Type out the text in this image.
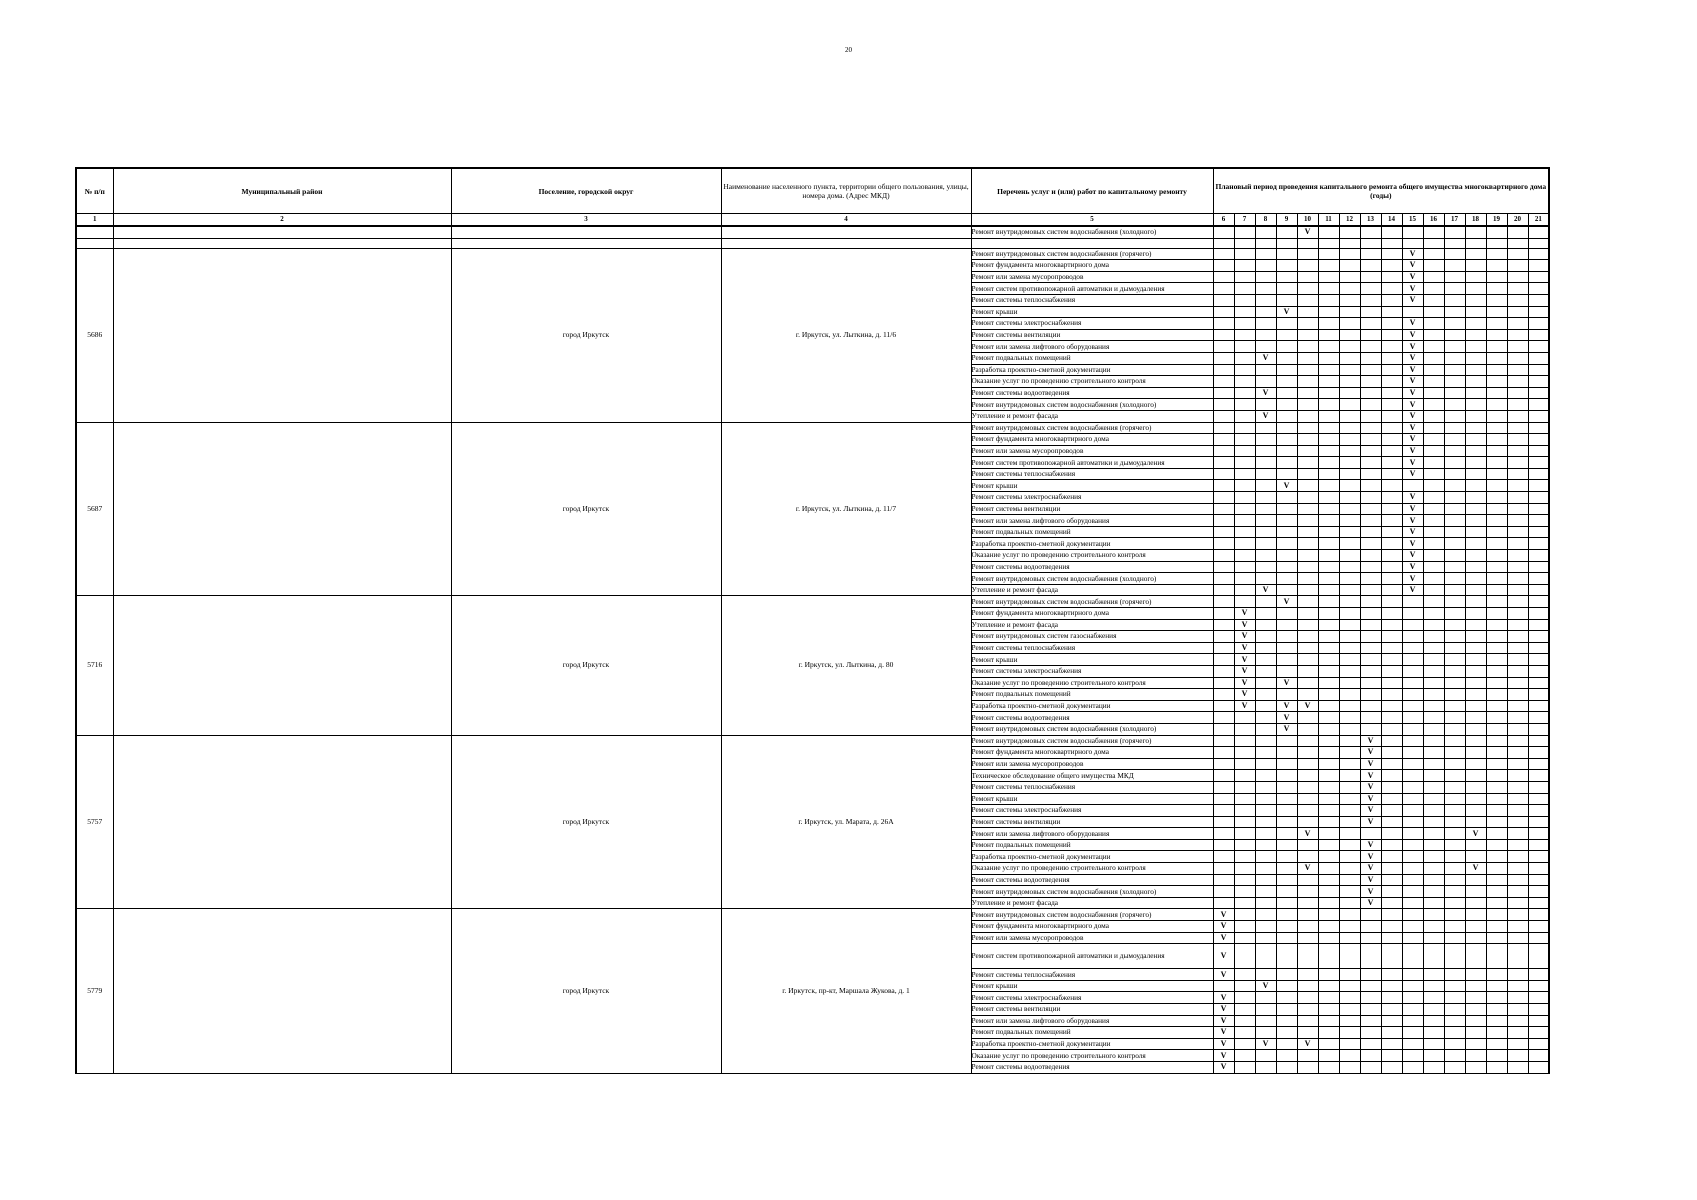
20
№ п/п	Муниципальный район	Поселение, городской округ	Наименование населенного пункта, территории общего пользования, улицы, номера дома. (Адрес МКД)	Перечень услуг и (или) работ по капитальному ремонту	Плановый период проведения капитального ремонта общего имущества многоквартирного дома (годы)															
1	2	3	4	5	6	7	8	9	10	11	12	13	14	15	16	17	18	19	20	21
				Ремонт внутридомовых систем водоснабжения (холодного)					V											

5686		город Иркутск	г. Иркутск, ул. Лыткина, д. 11/6	Ремонт внутридомовых систем водоснабжения (горячего)										V						
				Ремонт фундамента многоквартирного дома										V						
				Ремонт или замена мусоропроводов										V						
				Ремонт систем противопожарной автоматики и дымоудаления										V						
				Ремонт системы теплоснабжения										V						
				Ремонт крыши				V												
				Ремонт системы электроснабжения										V						
				Ремонт системы вентиляции										V						
				Ремонт или замена лифтового оборудования										V						
				Ремонт подвальных помещений			V							V						
				Разработка проектно-сметной документации										V						
				Оказание услуг по проведению строительного контроля										V						
				Ремонт системы водоотведения			V							V						
				Ремонт внутридомовых систем водоснабжения (холодного)										V						
				Утепление и ремонт фасада			V							V						
5687		город Иркутск	г. Иркутск, ул. Лыткина, д. 11/7	Ремонт внутридомовых систем водоснабжения (горячего)										V						
				Ремонт фундамента многоквартирного дома										V						
				Ремонт или замена мусоропроводов										V						
				Ремонт систем противопожарной автоматики и дымоудаления										V						
				Ремонт системы теплоснабжения										V						
				Ремонт крыши				V												
				Ремонт системы электроснабжения										V						
				Ремонт системы вентиляции										V						
				Ремонт или замена лифтового оборудования										V						
				Ремонт подвальных помещений										V						
				Разработка проектно-сметной документации										V						
				Оказание услуг по проведению строительного контроля										V						
				Ремонт системы водоотведения										V						
				Ремонт внутридомовых систем водоснабжения (холодного)										V						
				Утепление и ремонт фасада			V							V						
5716		город Иркутск	г. Иркутск, ул. Лыткина, д. 80	Ремонт внутридомовых систем водоснабжения (горячего)				V												
				Ремонт фундамента многоквартирного дома		V														
				Утепление и ремонт фасада		V														
				Ремонт внутридомовых систем газоснабжения		V														
				Ремонт системы теплоснабжения		V														
				Ремонт крыши		V														
				Ремонт системы электроснабжения		V														
				Оказание услуг по проведению строительного контроля		V		V												
				Ремонт подвальных помещений		V														
				Разработка проектно-сметной документации		V		V	V											
				Ремонт системы водоотведения				V												
				Ремонт внутридомовых систем водоснабжения (холодного)				V												
5757		город Иркутск	г. Иркутск, ул. Марата, д. 26А	Ремонт внутридомовых систем водоснабжения (горячего)								V								
				Ремонт фундамента многоквартирного дома								V								
				Ремонт или замена мусоропроводов								V								
				Техническое обследование общего имущества МКД								V								
				Ремонт системы теплоснабжения								V								
				Ремонт крыши								V								
				Ремонт системы электроснабжения								V								
				Ремонт системы вентиляции								V								
				Ремонт или замена лифтового оборудования					V								V			
				Ремонт подвальных помещений								V								
				Разработка проектно-сметной документации								V								
				Оказание услуг по проведению строительного контроля					V			V					V			
				Ремонт системы водоотведения								V								
				Ремонт внутридомовых систем водоснабжения (холодного)								V								
				Утепление и ремонт фасада								V								
5779		город Иркутск	г. Иркутск, пр-кт, Маршала Жукова, д. 1	Ремонт внутридомовых систем водоснабжения (горячего)	V															
				Ремонт фундамента многоквартирного дома	V															
				Ремонт или замена мусоропроводов	V															
				Ремонт систем противопожарной автоматики и дымоудаления	V															
				Ремонт системы теплоснабжения	V															
				Ремонт крыши			V													
				Ремонт системы электроснабжения	V															
				Ремонт системы вентиляции	V															
				Ремонт или замена лифтового оборудования	V															
				Ремонт подвальных помещений	V															
				Разработка проектно-сметной документации	V		V		V											
				Оказание услуг по проведению строительного контроля	V															
				Ремонт системы водоотведения	V															
